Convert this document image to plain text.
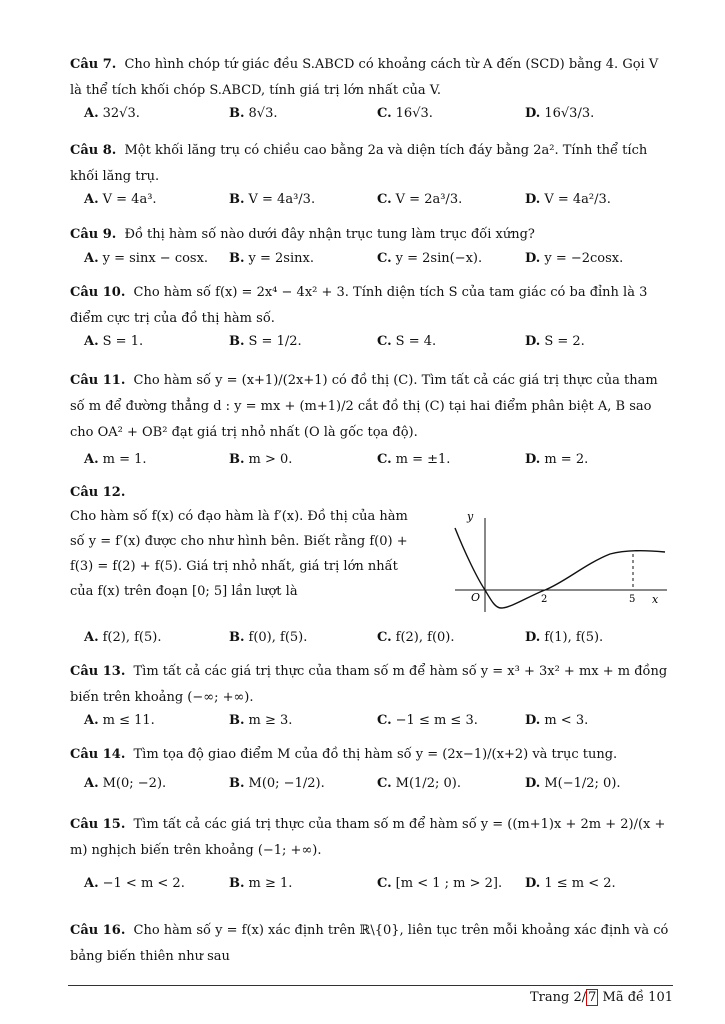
Câu 7. Cho hình chóp tứ giác đều S.ABCD có khoảng cách từ A đến (SCD) bằng 4. Gọi V là thể tích khối chóp S.ABCD, tính giá trị lớn nhất của V.
A. 32√3.	B. 8√3.	C. 16√3.	D. 16√3/3.
Câu 8. Một khối lăng trụ có chiều cao bằng 2a và diện tích đáy bằng 2a². Tính thể tích khối lăng trụ.
A. V = 4a³.	B. V = 4a³/3.	C. V = 2a³/3.	D. V = 4a²/3.
Câu 9. Đồ thị hàm số nào dưới đây nhận trục tung làm trục đối xứng?
A. y = sinx − cosx. B. y = 2sinx.	C. y = 2sin(−x).	D. y = −2cosx.
Câu 10. Cho hàm số f(x) = 2x⁴ − 4x² + 3. Tính diện tích S của tam giác có ba đỉnh là 3 điểm cực trị của đồ thị hàm số.
A. S = 1.	B. S = 1/2.	C. S = 4.	D. S = 2.
Câu 11. Cho hàm số y = (x+1)/(2x+1) có đồ thị (C). Tìm tất cả các giá trị thực của tham số m để đường thẳng d : y = mx + (m+1)/2 cắt đồ thị (C) tại hai điểm phân biệt A, B sao cho OA² + OB² đạt giá trị nhỏ nhất (O là gốc tọa độ).
A. m = 1.	B. m > 0.	C. m = ±1.	D. m = 2.
Câu 12.
Cho hàm số f(x) có đạo hàm là f′(x). Đồ thị của hàm số y = f′(x) được cho như hình bên. Biết rằng f(0) + f(3) = f(2) + f(5). Giá trị nhỏ nhất, giá trị lớn nhất của f(x) trên đoạn [0; 5] lần lượt là
y
x
O	2	5
A. f(2), f(5).	B. f(0), f(5).	C. f(2), f(0).	D. f(1), f(5).
Câu 13. Tìm tất cả các giá trị thực của tham số m để hàm số y = x³ + 3x² + mx + m đồng biến trên khoảng (−∞; +∞).
A. m ≤ 11.	B. m ≥ 3.	C. −1 ≤ m ≤ 3.	D. m < 3.
Câu 14. Tìm tọa độ giao điểm M của đồ thị hàm số y = (2x−1)/(x+2) và trục tung.
A. M(0; −2).	B. M(0; −1/2).	C. M(1/2; 0).	D. M(−1/2; 0).
Câu 15. Tìm tất cả các giá trị thực của tham số m để hàm số y = ((m+1)x + 2m + 2)/(x + m) nghịch biến trên khoảng (−1; +∞).
A. −1 < m < 2.	B. m ≥ 1.	C. [m < 1 ; m > 2]. D. 1 ≤ m < 2.
Câu 16. Cho hàm số y = f(x) xác định trên ℝ\{0}, liên tục trên mỗi khoảng xác định và có bảng biến thiên như sau
Trang 2/ 7 Mã đề 101
